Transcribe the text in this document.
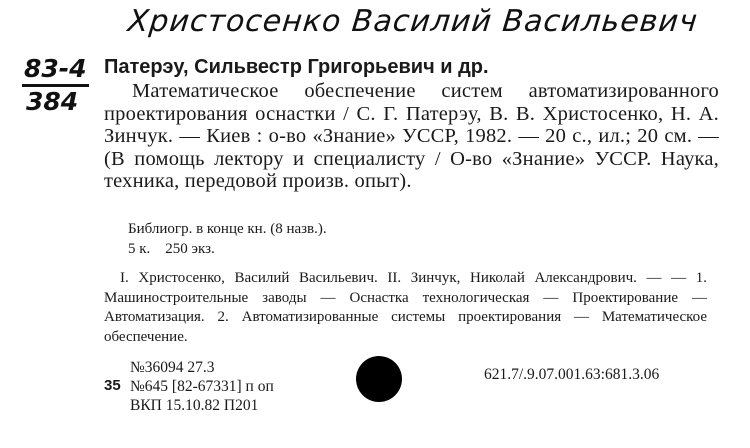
Христосенко Василий Васильевич
83-4
384
Патерэу, Сильвестр Григорьевич и др.
Математическое обеспечение систем автоматизированного проектирования оснастки / С. Г. Патерэу, В. В. Христосенко, Н. А. Зинчук. — Киев : о-во «Знание» УССР, 1982. — 20 с., ил.; 20 см. — (В помощь лектору и специалисту / О-во «Знание» УССР. Наука, техника, передовой произв. опыт).
Библиогр. в конце кн. (8 назв.).
5 к.    250 экз.
I. Христосенко, Василий Васильевич. II. Зинчук, Николай Александрович. — — 1. Машиностроительные заводы — Оснастка технологическая — Проектирование — Автоматизация. 2. Автоматизированные системы проектирования — Математическое обеспечение.
35
№36094 27.3
№645 [82-67331] п оп
ВКП 15.10.82 П201
621.7/.9.07.001.63:681.3.06
